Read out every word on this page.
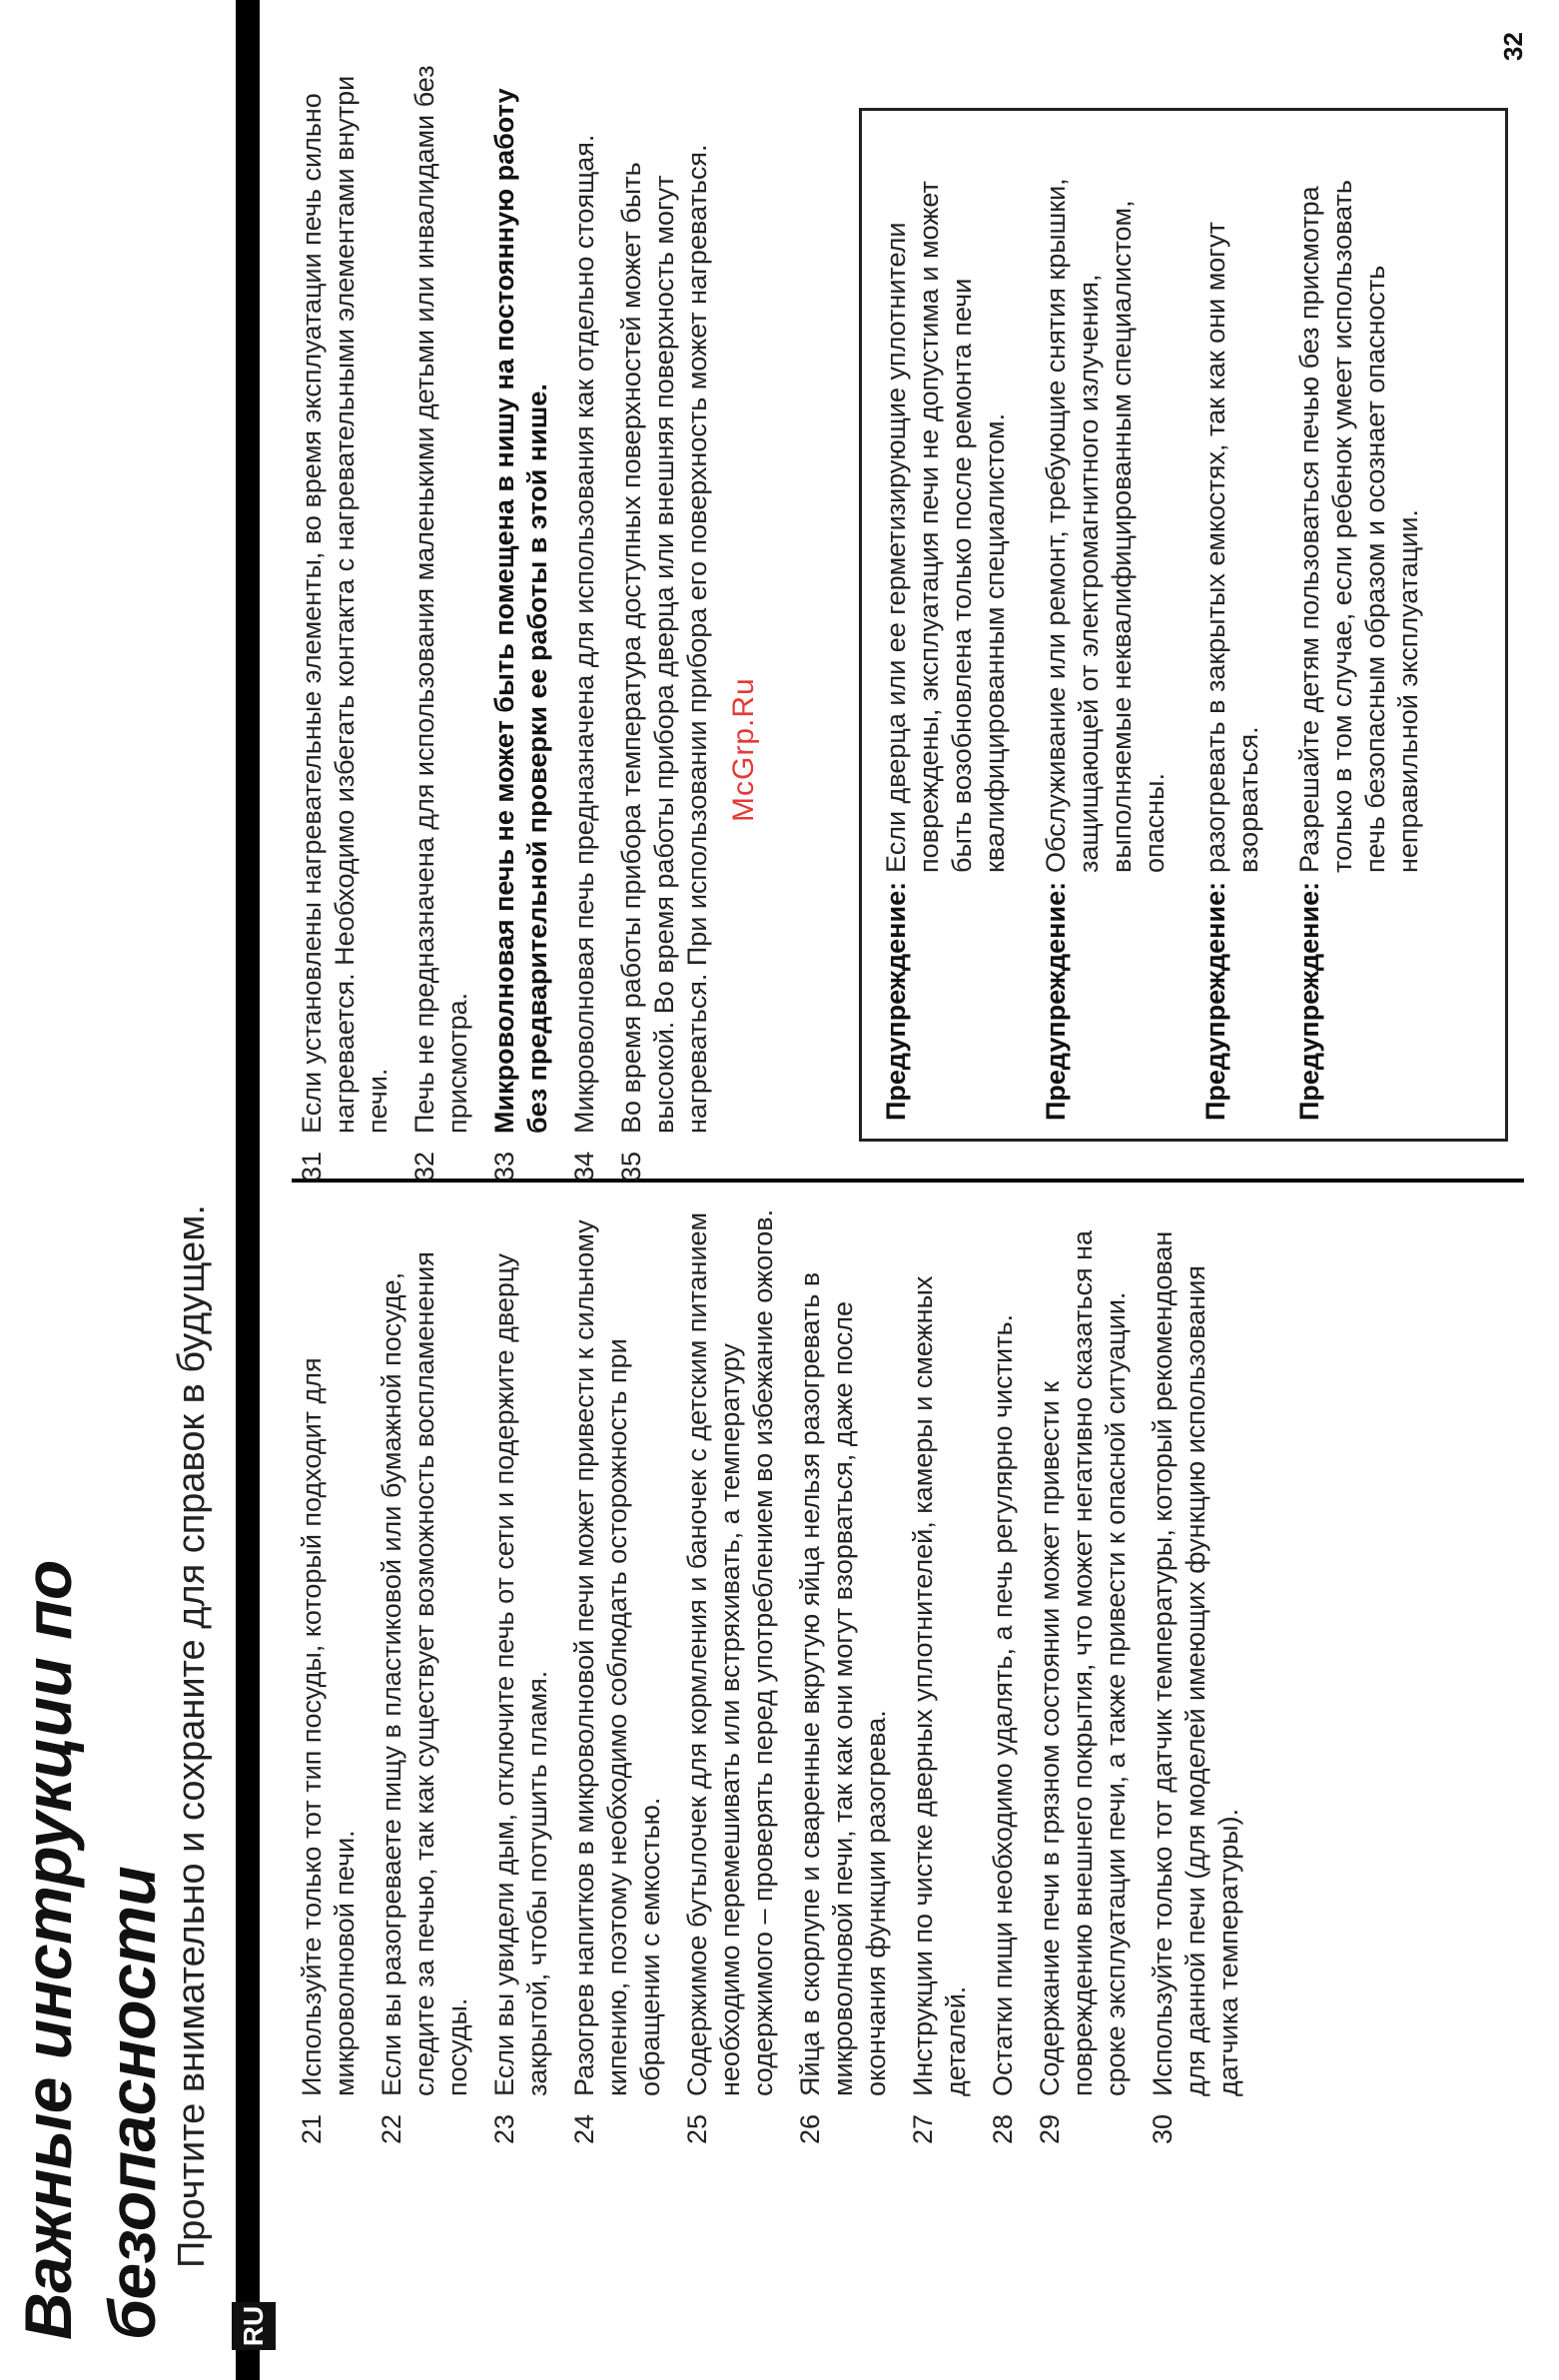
Важные инструкции по безопасности Прочтите внимательно и сохраните для справок в будущем.	21
Используйте только тот тип посуды, который подходит для микроволновой печи.
22
Если вы разогреваете пищу в пластиковой или бумажной посуде, следите за печью, так как существует возможность воспламенения посуды.
23
Если вы увидели дым, отключите печь от сети и подержите дверцу закрытой, чтобы потушить пламя.
24
Разогрев напитков в микроволновой печи может привести к сильному кипению, поэтому необходимо соблюдать осторожность при обращении с емкостью.
25
Содержимое бутылочек для кормления и баночек с детским питанием необходимо перемешивать или встряхивать, а температуру содержимого – проверять перед употреблением во избежание ожогов.
26
Яйца в скорлупе и сваренные вкрутую яйца нельзя разогревать в микроволновой печи, так как они могут взорваться, даже после окончания функции разогрева.
27
Инструкции по чистке дверных уплотнителей, камеры и смежных деталей.
28
Остатки пищи необходимо удалять, а печь регулярно чистить.
29
Содержание печи в грязном состоянии может привести к повреждению внешнего покрытия, что может негативно сказаться на сроке эксплуатации печи, а также привести к опасной ситуации.
30
Используйте только тот датчик температуры, который рекомендован для данной печи (для моделей имеющих функцию использования датчика температуры).
31
Если установлены нагревательные элементы, во время эксплуатации печь сильно нагревается. Необходимо избегать контакта с нагревательными элементами внутри печи.
32
Печь не предназначена для использования маленькими детьми или инвалидами без присмотра.
33
Микроволновая печь не может быть помещена в нишу на постоянную работу без предварительной проверки ее работы в этой нише.
34
Микроволновая печь предназначена для использования как отдельно стоящая.
35
Во время работы прибора температура доступных поверхностей может быть высокой. Во время работы прибора дверца или внешняя поверхность могут нагреваться. При использовании прибора его поверхность может нагреваться. McGrp.Ru
Предупреждение:
Если дверца или ее герметизирующие уплотнители повреждены, эксплуатация печи не допустима и может быть возобновлена только после ремонта печи квалифицированным специалистом.
Предупреждение:
Обслуживание или ремонт, требующие снятия крышки, защищающей от электромагнитного излучения, выполняемые неквалифицированным специалистом, опасны.
Предупреждение:
разогревать в закрытых емкостях, так как они могут взорваться.
Предупреждение:
Разрешайте детям пользоваться печью без присмотра только в том случае, если ребенок умеет использовать печь безопасным образом и осознает опасность неправильной эксплуатации.
RU
32
